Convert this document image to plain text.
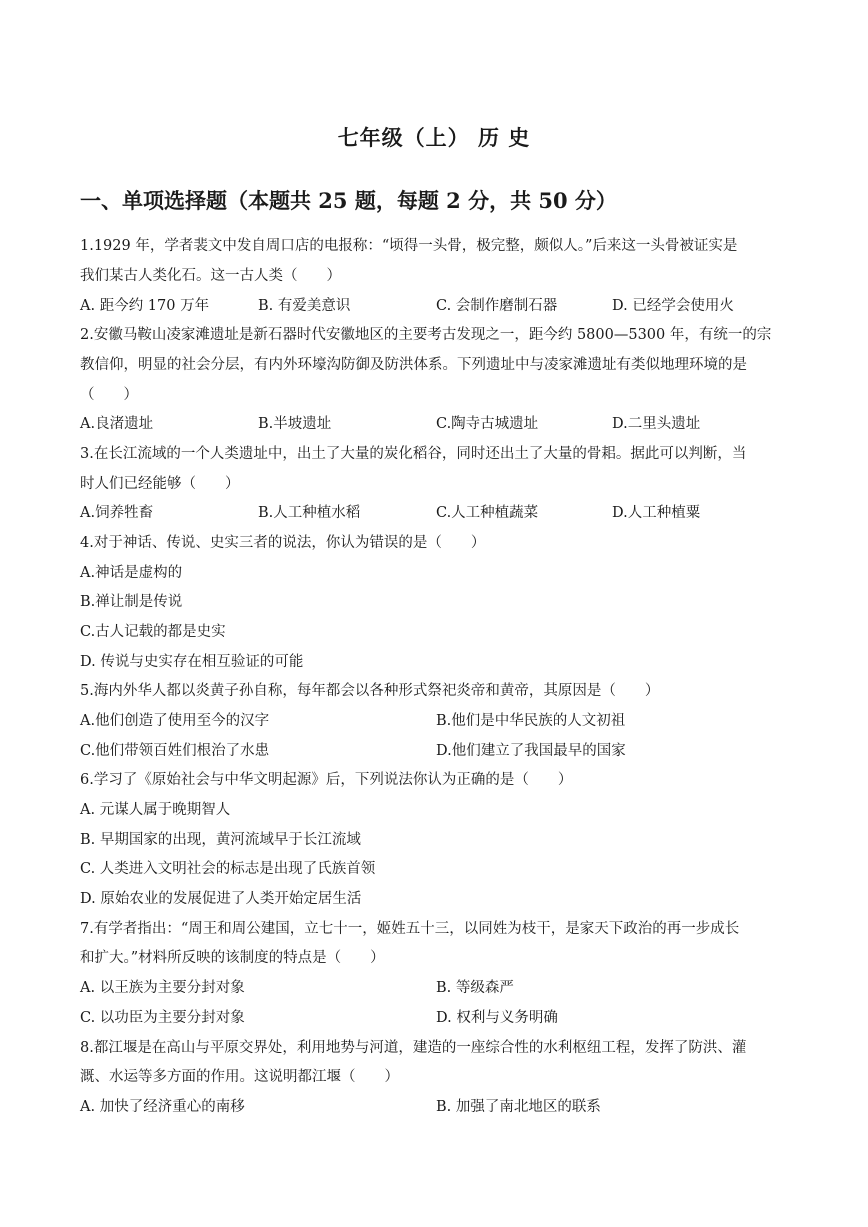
七年级（上） 历 史
一、单项选择题（本题共 25 题，每题 2 分，共 50 分）
1.1929 年，学者裴文中发自周口店的电报称：“顷得一头骨，极完整，颇似人。”后来这一头骨被证实是
我们某古人类化石。这一古人类（　　）
A. 距今约 170 万年	B. 有爱美意识	C. 会制作磨制石器	D. 已经学会使用火
2.安徽马鞍山凌家滩遗址是新石器时代安徽地区的主要考古发现之一，距今约 5800—5300 年，有统一的宗
教信仰，明显的社会分层，有内外环壕沟防御及防洪体系。下列遗址中与凌家滩遗址有类似地理环境的是
（　　）
A.良渚遗址	B.半坡遗址	C.陶寺古城遗址	D.二里头遗址
3.在长江流域的一个人类遗址中，出土了大量的炭化稻谷，同时还出土了大量的骨耜。据此可以判断，当
时人们已经能够（　　）
A.饲养牲畜	B.人工种植水稻	C.人工种植蔬菜	D.人工种植粟
4.对于神话、传说、史实三者的说法，你认为错误的是（　　）
A.神话是虚构的
B.禅让制是传说
C.古人记载的都是史实
D. 传说与史实存在相互验证的可能
5.海内外华人都以炎黄子孙自称，每年都会以各种形式祭祀炎帝和黄帝，其原因是（　　）
A.他们创造了使用至今的汉字	B.他们是中华民族的人文初祖
C.他们带领百姓们根治了水患	D.他们建立了我国最早的国家
6.学习了《原始社会与中华文明起源》后，下列说法你认为正确的是（　　）
A. 元谋人属于晚期智人
B. 早期国家的出现，黄河流域早于长江流域
C. 人类进入文明社会的标志是出现了氏族首领
D. 原始农业的发展促进了人类开始定居生活
7.有学者指出：“周王和周公建国，立七十一，姬姓五十三，以同姓为枝干，是家天下政治的再一步成长
和扩大。”材料所反映的该制度的特点是（　　）
A. 以王族为主要分封对象	B. 等级森严
C. 以功臣为主要分封对象	D. 权利与义务明确
8.都江堰是在高山与平原交界处，利用地势与河道，建造的一座综合性的水利枢纽工程，发挥了防洪、灌
溉、水运等多方面的作用。这说明都江堰（　　）
A. 加快了经济重心的南移	B. 加强了南北地区的联系
